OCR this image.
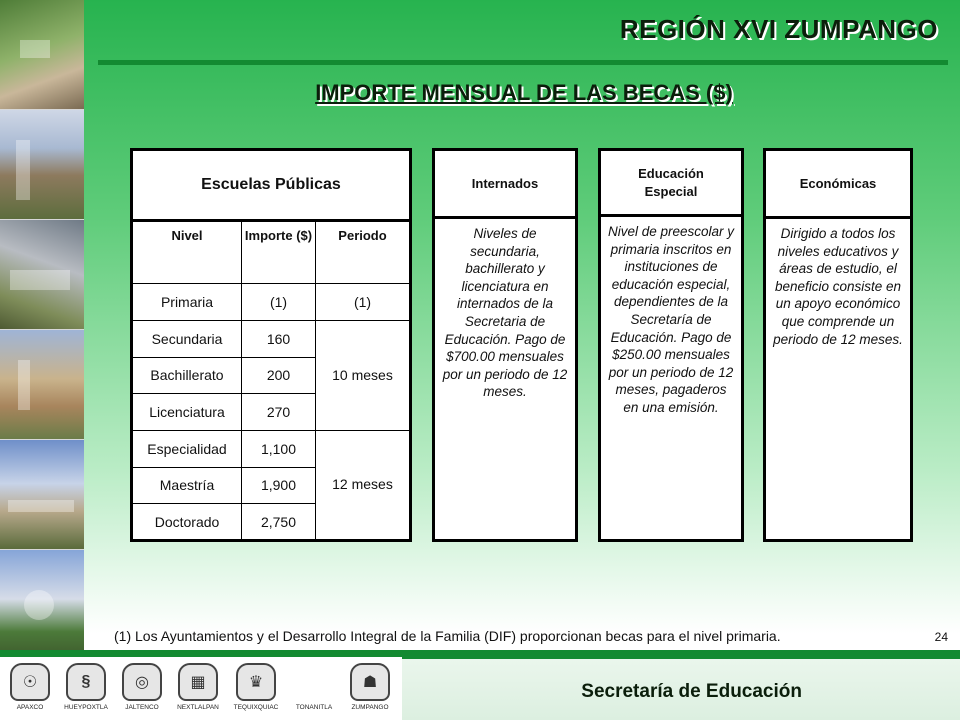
REGIÓN XVI ZUMPANGO
IMPORTE MENSUAL DE LAS BECAS ($)
Escuelas Públicas		
Nivel	Importe ($)	Periodo
Primaria	(1)	(1)
Secundaria	160	10 meses
Bachillerato	200	
Licenciatura	270	
Especialidad	1,100	12 meses
Maestría	1,900	
Doctorado	2,750	
Internados
Niveles de secundaria, bachillerato y licenciatura en internados de la Secretaria de Educación. Pago de $700.00 mensuales por un periodo de 12 meses.
Educación Especial
Nivel de preescolar y primaria inscritos en instituciones de educación especial, dependientes de la Secretaría de Educación. Pago de $250.00 mensuales por un periodo de 12 meses, pagaderos en una emisión.
Económicas
Dirigido a todos los niveles educativos y áreas de estudio, el beneficio consiste en un apoyo económico que comprende un periodo de 12 meses.
(1) Los Ayuntamientos y el Desarrollo Integral de la Familia (DIF) proporcionan becas para el nivel primaria.	24
☉
APAXCO
§
HUEYPOXTLA
◎
JALTENCO
▦
NEXTLALPAN
♛
TEQUIXQUIAC	TONANITLA
☗
ZUMPANGO
Secretaría de Educación
